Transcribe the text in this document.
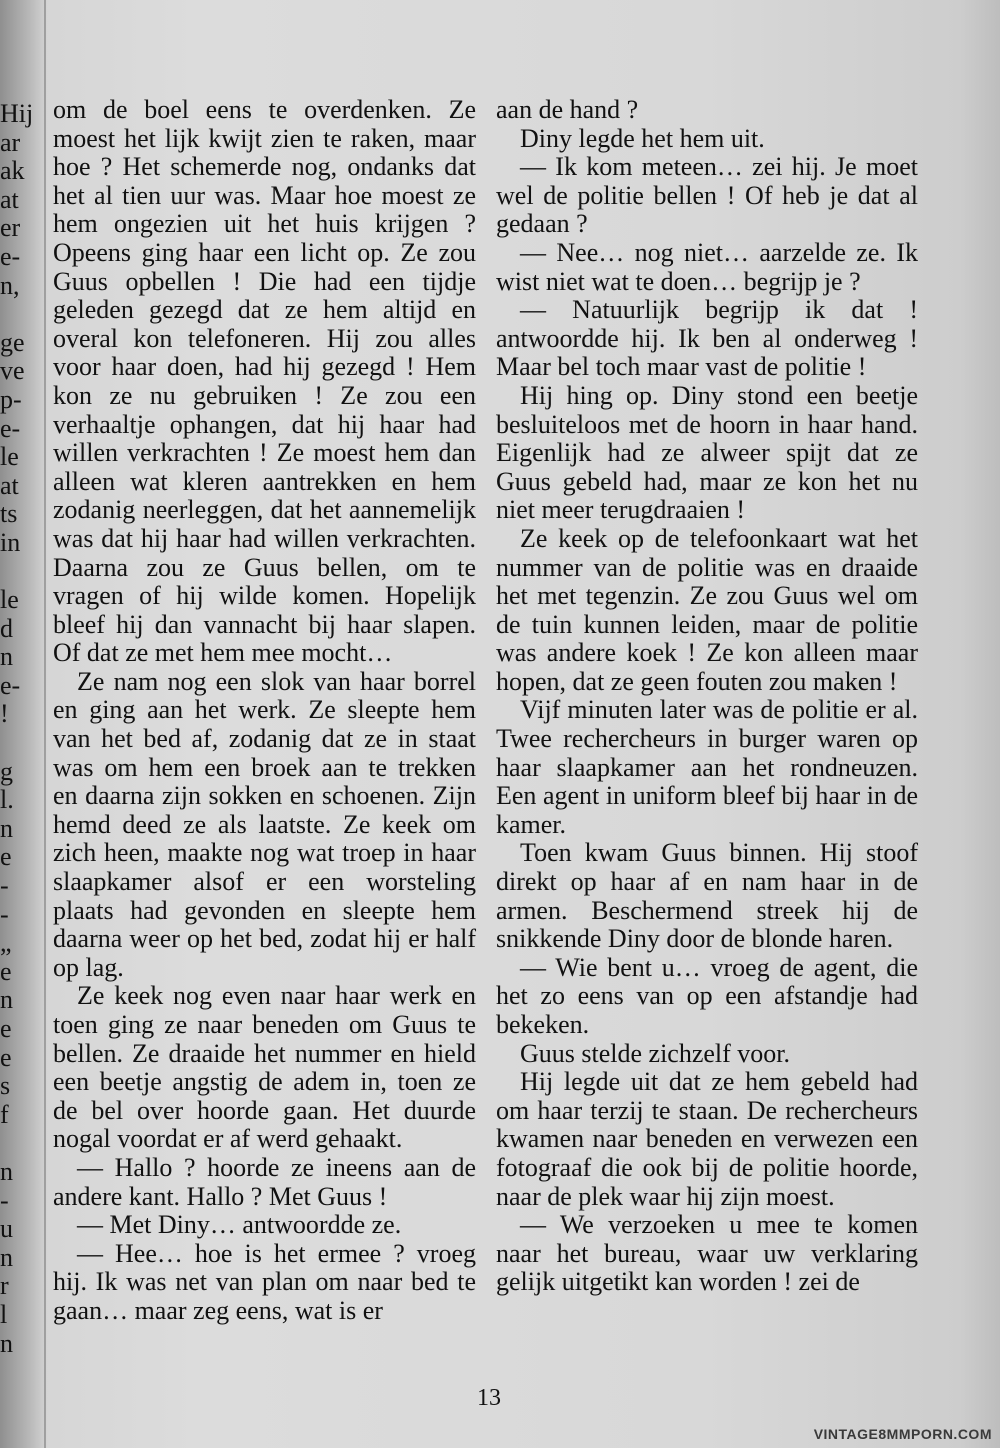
Hij
ar
ak
at
er
e-
n,
ge
ve
p-
e-
le
at
ts
in
le
d
n
e-
!
g
l.
n
e
-
-
„
e
n
e
e
s
f
n
-
u
n
r
l
n

om de boel eens te overdenken. Ze moest het lijk kwijt zien te raken, maar hoe ? Het schemerde nog, ondanks dat het al tien uur was. Maar hoe moest ze hem ongezien uit het huis krijgen ? Opeens ging haar een licht op. Ze zou Guus opbellen ! Die had een tijdje geleden gezegd dat ze hem altijd en overal kon telefoneren. Hij zou alles voor haar doen, had hij gezegd ! Hem kon ze nu gebruiken ! Ze zou een verhaaltje ophangen, dat hij haar had willen verkrachten ! Ze moest hem dan alleen wat kleren aantrekken en hem zodanig neerleggen, dat het aannemelijk was dat hij haar had willen verkrachten. Daarna zou ze Guus bellen, om te vragen of hij wilde komen. Hopelijk bleef hij dan vannacht bij haar slapen. Of dat ze met hem mee mocht…

Ze nam nog een slok van haar borrel en ging aan het werk. Ze sleepte hem van het bed af, zodanig dat ze in staat was om hem een broek aan te trekken en daarna zijn sokken en schoenen. Zijn hemd deed ze als laatste. Ze keek om zich heen, maakte nog wat troep in haar slaapkamer alsof er een worsteling plaats had gevonden en sleepte hem daarna weer op het bed, zodat hij er half op lag.

Ze keek nog even naar haar werk en toen ging ze naar beneden om Guus te bellen. Ze draaide het nummer en hield een beetje angstig de adem in, toen ze de bel over hoorde gaan. Het duurde nogal voordat er af werd gehaakt.

— Hallo ? hoorde ze ineens aan de andere kant. Hallo ? Met Guus !

— Met Diny… antwoordde ze.

— Hee… hoe is het ermee ? vroeg hij. Ik was net van plan om naar bed te gaan… maar zeg eens, wat is er

aan de hand ?

Diny legde het hem uit.

— Ik kom meteen… zei hij. Je moet wel de politie bellen ! Of heb je dat al gedaan ?

— Nee… nog niet… aarzelde ze. Ik wist niet wat te doen… begrijp je ?

— Natuurlijk begrijp ik dat ! antwoordde hij. Ik ben al onderweg ! Maar bel toch maar vast de politie !

Hij hing op. Diny stond een beetje besluiteloos met de hoorn in haar hand. Eigenlijk had ze alweer spijt dat ze Guus gebeld had, maar ze kon het nu niet meer terugdraaien !

Ze keek op de telefoonkaart wat het nummer van de politie was en draaide het met tegenzin. Ze zou Guus wel om de tuin kunnen leiden, maar de politie was andere koek ! Ze kon alleen maar hopen, dat ze geen fouten zou maken !

Vijf minuten later was de politie er al. Twee rechercheurs in burger waren op haar slaapkamer aan het rondneuzen. Een agent in uniform bleef bij haar in de kamer.

Toen kwam Guus binnen. Hij stoof direkt op haar af en nam haar in de armen. Beschermend streek hij de snikkende Diny door de blonde haren.

— Wie bent u… vroeg de agent, die het zo eens van op een afstandje had bekeken.

Guus stelde zichzelf voor.

Hij legde uit dat ze hem gebeld had om haar terzij te staan. De rechercheurs kwamen naar beneden en verwezen een fotograaf die ook bij de politie hoorde, naar de plek waar hij zijn moest.

— We verzoeken u mee te komen naar het bureau, waar uw verklaring gelijk uitgetikt kan worden ! zei de

13
VINTAGE8MMPORN.COM
